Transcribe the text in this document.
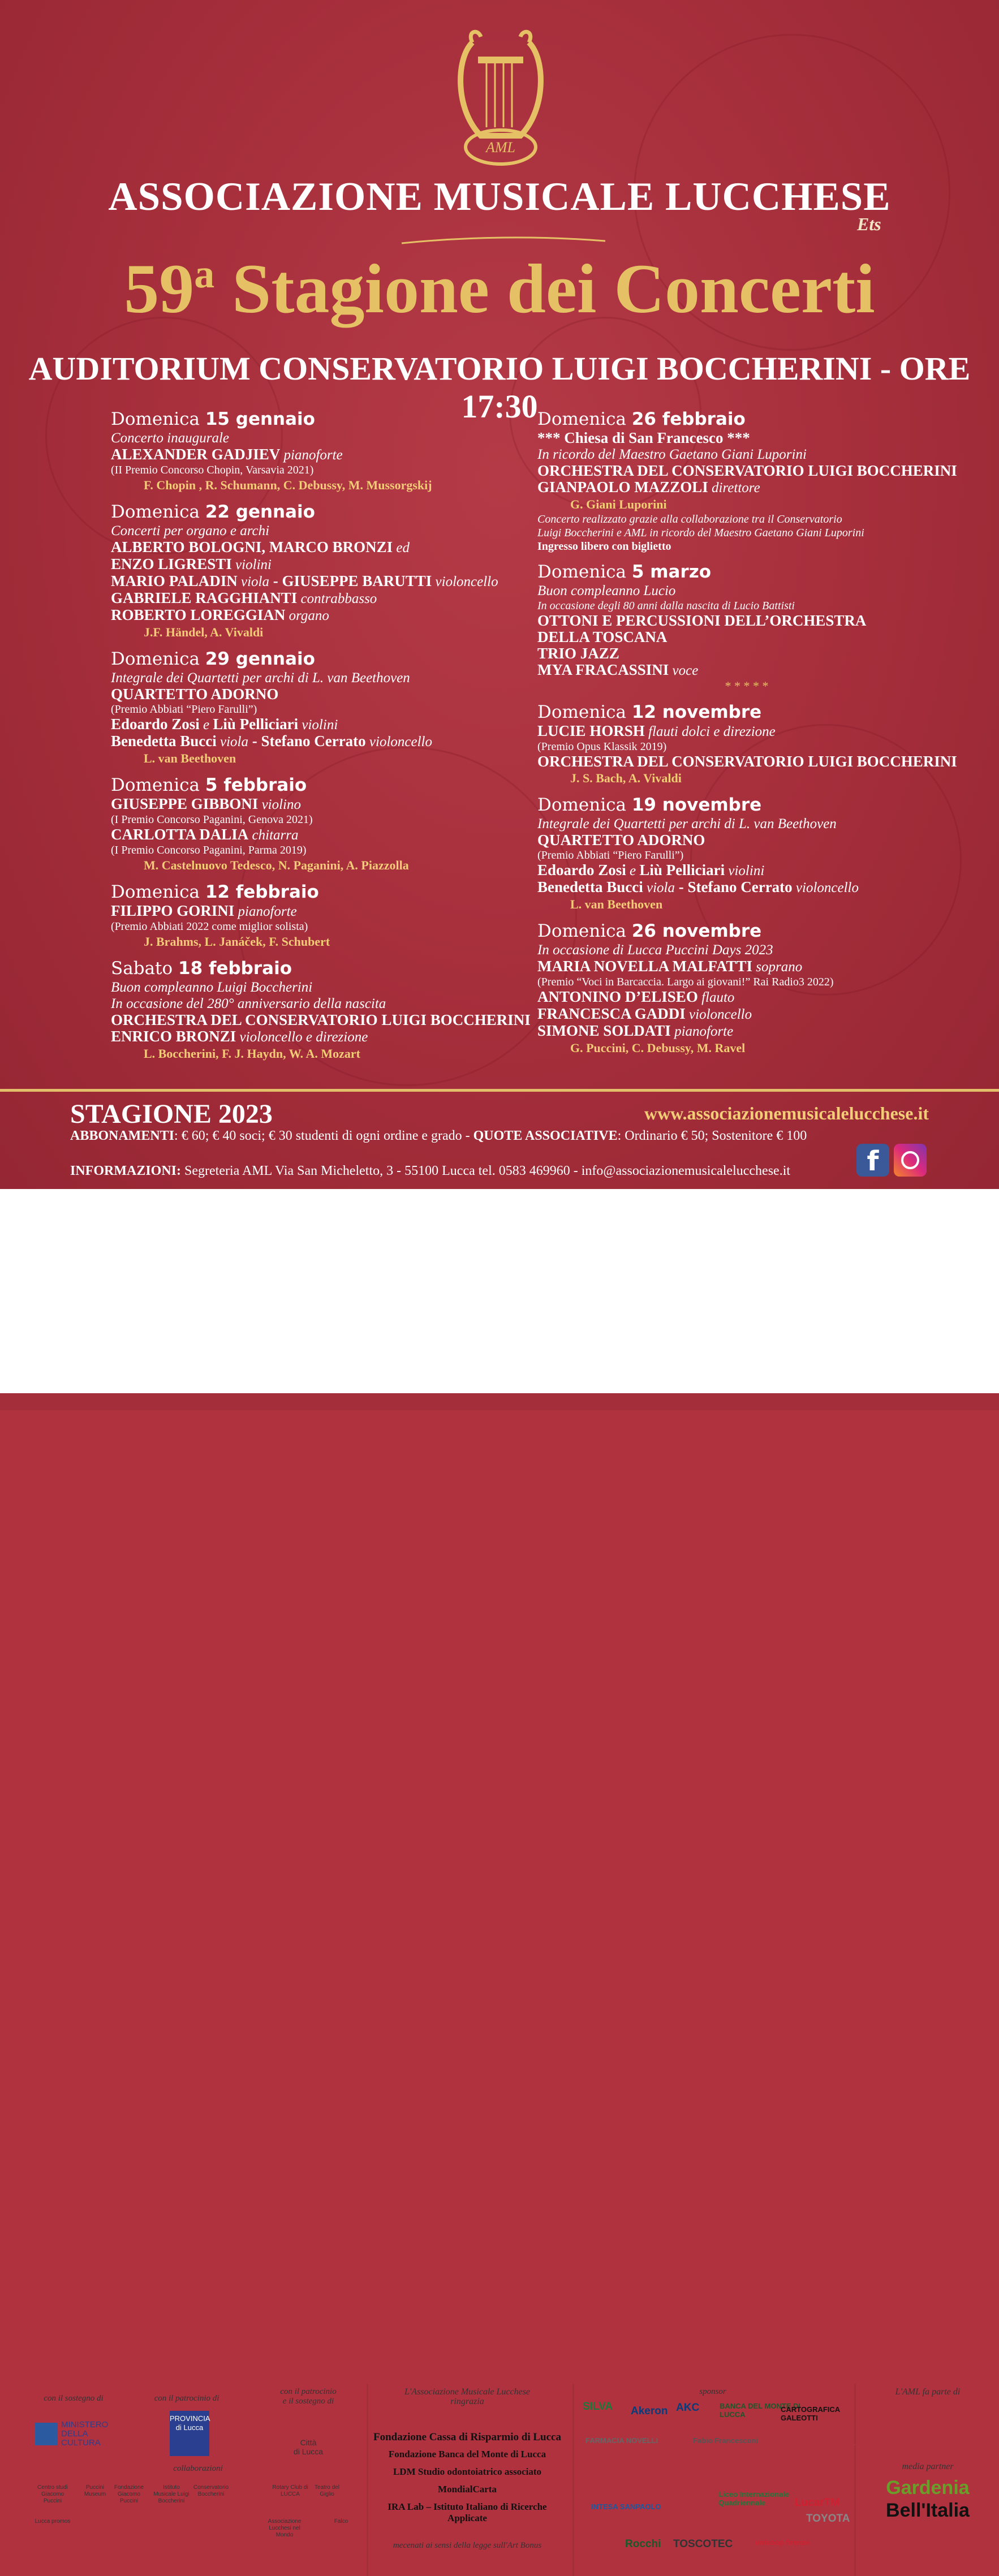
AML
ASSOCIAZIONE MUSICALE LUCCHESE
Ets
59$^a$ Stagione dei Concerti
AUDITORIUM CONSERVATORIO LUIGI BOCCHERINI - ORE 17:30
Domenica 15 gennaio
Concerto inaugurale
ALEXANDER GADJIEV pianoforte
(II Premio Concorso Chopin, Varsavia 2021)
F. Chopin , R. Schumann, C. Debussy, M. Mussorgskij
Domenica 22 gennaio
Concerti per organo e archi
ALBERTO BOLOGNI, MARCO BRONZI ed
ENZO LIGRESTI violini
MARIO PALADIN viola - GIUSEPPE BARUTTI violoncello
GABRIELE RAGGHIANTI contrabbasso
ROBERTO LOREGGIAN organo
J.F. Händel, A. Vivaldi
Domenica 29 gennaio
Integrale dei Quartetti per archi di L. van Beethoven
QUARTETTO ADORNO
(Premio Abbiati “Piero Farulli”)
Edoardo Zosi e Liù Pelliciari violini
Benedetta Bucci viola - Stefano Cerrato violoncello
L. van Beethoven
Domenica 5 febbraio
GIUSEPPE GIBBONI violino
(I Premio Concorso Paganini, Genova 2021)
CARLOTTA DALIA chitarra
(I Premio Concorso Paganini, Parma 2019)
M. Castelnuovo Tedesco, N. Paganini, A. Piazzolla
Domenica 12 febbraio
FILIPPO GORINI pianoforte
(Premio Abbiati 2022 come miglior solista)
J. Brahms, L. Janáček, F. Schubert
Sabato 18 febbraio
Buon compleanno Luigi Boccherini
In occasione del 280° anniversario della nascita
ORCHESTRA DEL CONSERVATORIO LUIGI BOCCHERINI
ENRICO BRONZI violoncello e direzione
L. Boccherini, F. J. Haydn, W. A. Mozart
Domenica 26 febbraio
*** Chiesa di San Francesco ***
In ricordo del Maestro Gaetano Giani Luporini
ORCHESTRA DEL CONSERVATORIO LUIGI BOCCHERINI
GIANPAOLO MAZZOLI direttore
G. Giani Luporini
Concerto realizzato grazie alla collaborazione tra il Conservatorio
Luigi Boccherini e AML in ricordo del Maestro Gaetano Giani Luporini
Ingresso libero con biglietto
Domenica 5 marzo
Buon compleanno Lucio
In occasione degli 80 anni dalla nascita di Lucio Battisti
OTTONI E PERCUSSIONI DELL’ORCHESTRA
DELLA TOSCANA
TRIO JAZZ
MYA FRACASSINI voce
* * * * *
Domenica 12 novembre
LUCIE HORSH flauti dolci e direzione
(Premio Opus Klassik 2019)
ORCHESTRA DEL CONSERVATORIO LUIGI BOCCHERINI
J. S. Bach, A. Vivaldi
Domenica 19 novembre
Integrale dei Quartetti per archi di L. van Beethoven
QUARTETTO ADORNO
(Premio Abbiati “Piero Farulli”)
Edoardo Zosi e Liù Pelliciari violini
Benedetta Bucci viola - Stefano Cerrato violoncello
L. van Beethoven
Domenica 26 novembre
In occasione di Lucca Puccini Days 2023
MARIA NOVELLA MALFATTI soprano
(Premio “Voci in Barcaccia. Largo ai giovani!” Rai Radio3 2022)
ANTONINO D’ELISEO flauto
FRANCESCA GADDI violoncello
SIMONE SOLDATI pianoforte
G. Puccini, C. Debussy, M. Ravel
STAGIONE 2023	www.associazionemusicalelucchese.it
ABBONAMENTI: € 60; € 40 soci; € 30 studenti di ogni ordine e grado - QUOTE ASSOCIATIVE: Ordinario € 50; Sostenitore € 100
INFORMAZIONI: Segreteria AML Via San Micheletto, 3 - 55100 Lucca tel. 0583 469960 - info@associazionemusicalelucchese.it	f
con il sostegno di	con il patrocinio di
con il patrocinio
e il sostegno di
MINISTERO
DELLA
CULTURA
PROVINCIA di Lucca
Città
di Lucca
collaborazioni
Centro studi Giacomo Puccini
Puccini Museum
Fondazione Giacomo Puccini
Istituto Musicale Luigi Boccherini
Conservatorio Boccherini
Rotary Club di LUCCA
Teatro del Giglio
Lucca promos	Associazione Lucchesi nel Mondo
Falco
L'Associazione Musicale Lucchese
ringrazia
Fondazione Cassa di Risparmio di Lucca
Fondazione Banca del Monte di Lucca
LDM Studio odontoiatrico associato
MondialCarta
IRA Lab – Istituto Italiano di Ricerche Applicate
mecenati ai sensi della legge sull'Art Bonus
sponsor
SILVA Akeron AKC	BANCA DEL MONTE DI LUCCA
CARTOGRAFICA GALEOTTI
FARMACIA NOVELLI	Fabio Francesconi	GENERALI
GUIDI GINO
Liceo Internazionale Quadriennale
INTESA SANPAOLO
SCUOLA MEDIA INTERNAZIONALE LUCCA
LucarTM
TOYOTA
Rocchi TOSCOTEC	unicoop firenze
L'AML fa parte di
amur
media partner
Gardenia
Bell'Italia
